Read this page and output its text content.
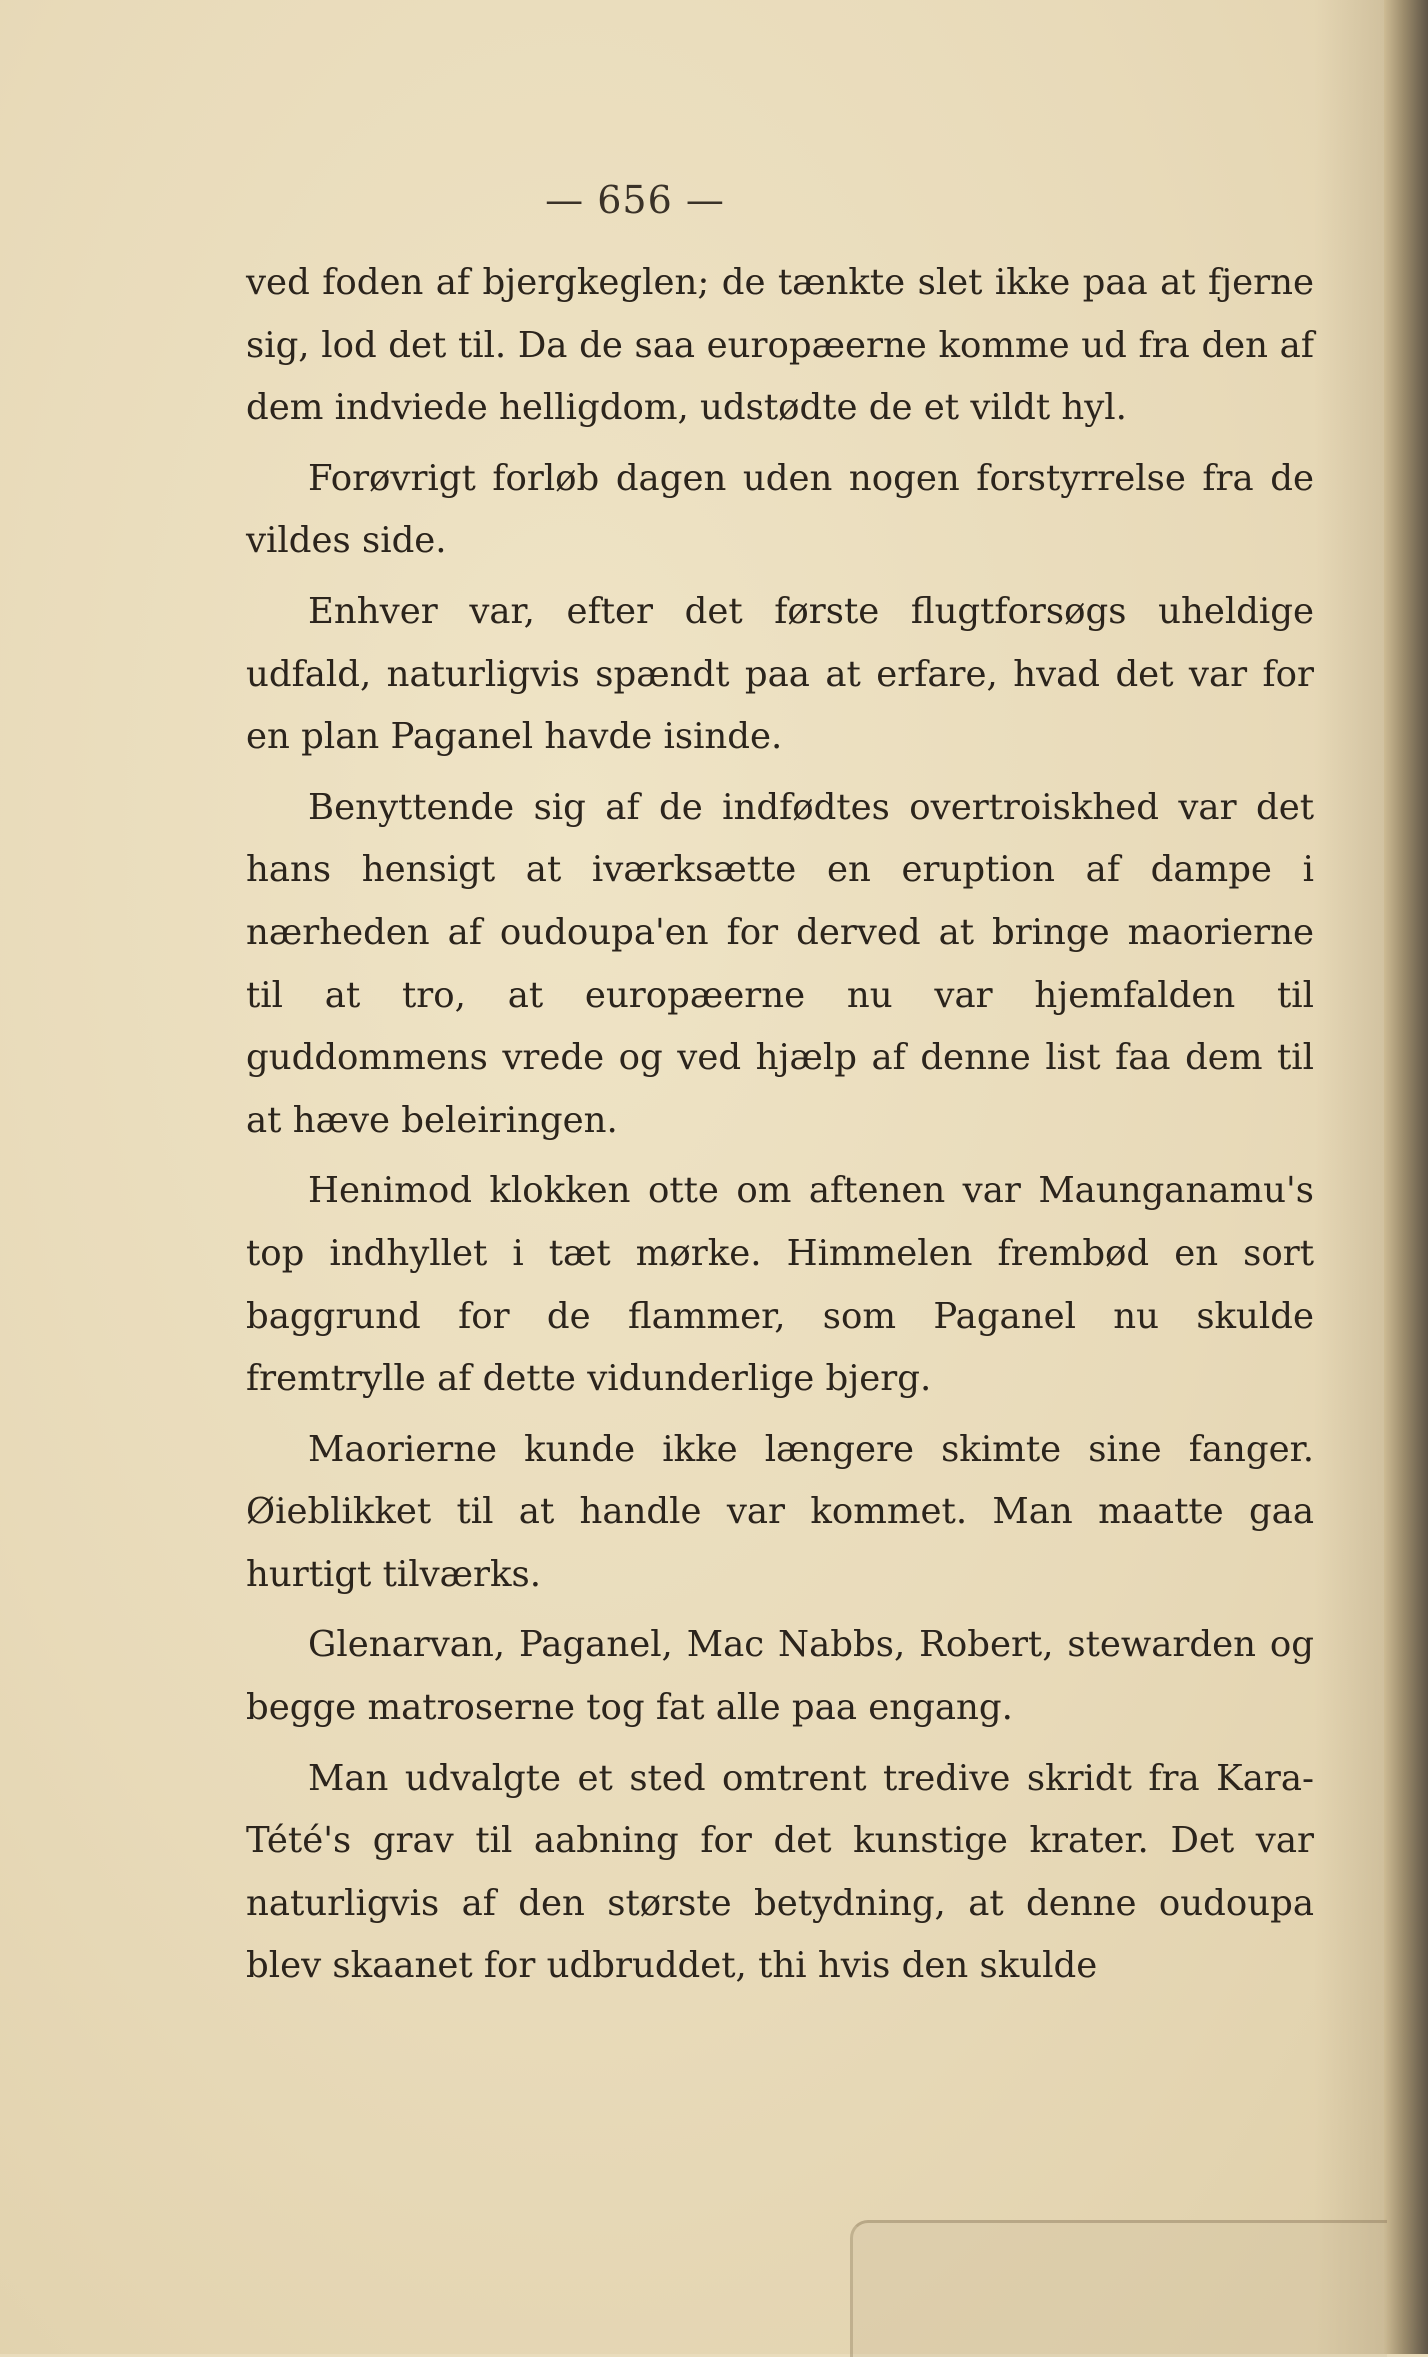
— 656 —

ved foden af bjergkeglen; de tænkte slet ikke paa at fjerne sig, lod det til. Da de saa europæerne komme ud fra den af dem indviede helligdom, udstødte de et vildt hyl.

Forøvrigt forløb dagen uden nogen forstyrrelse fra de vildes side.

Enhver var, efter det første flugtforsøgs uheldige udfald, naturligvis spændt paa at erfare, hvad det var for en plan Paganel havde isinde.

Benyttende sig af de indfødtes overtroiskhed var det hans hensigt at iværksætte en eruption af dampe i nærheden af oudoupa'en for derved at bringe maorierne til at tro, at europæerne nu var hjemfalden til guddommens vrede og ved hjælp af denne list faa dem til at hæve beleiringen.

Henimod klokken otte om aftenen var Maunganamu's top indhyllet i tæt mørke. Himmelen frembød en sort baggrund for de flammer, som Paganel nu skulde fremtrylle af dette vidunderlige bjerg.

Maorierne kunde ikke længere skimte sine fanger. Øieblikket til at handle var kommet. Man maatte gaa hurtigt tilværks.

Glenarvan, Paganel, Mac Nabbs, Robert, stewarden og begge matroserne tog fat alle paa engang.

Man udvalgte et sted omtrent tredive skridt fra Kara-Tété's grav til aabning for det kunstige krater. Det var naturligvis af den største betydning, at denne oudoupa blev skaanet for udbruddet, thi hvis den skulde
